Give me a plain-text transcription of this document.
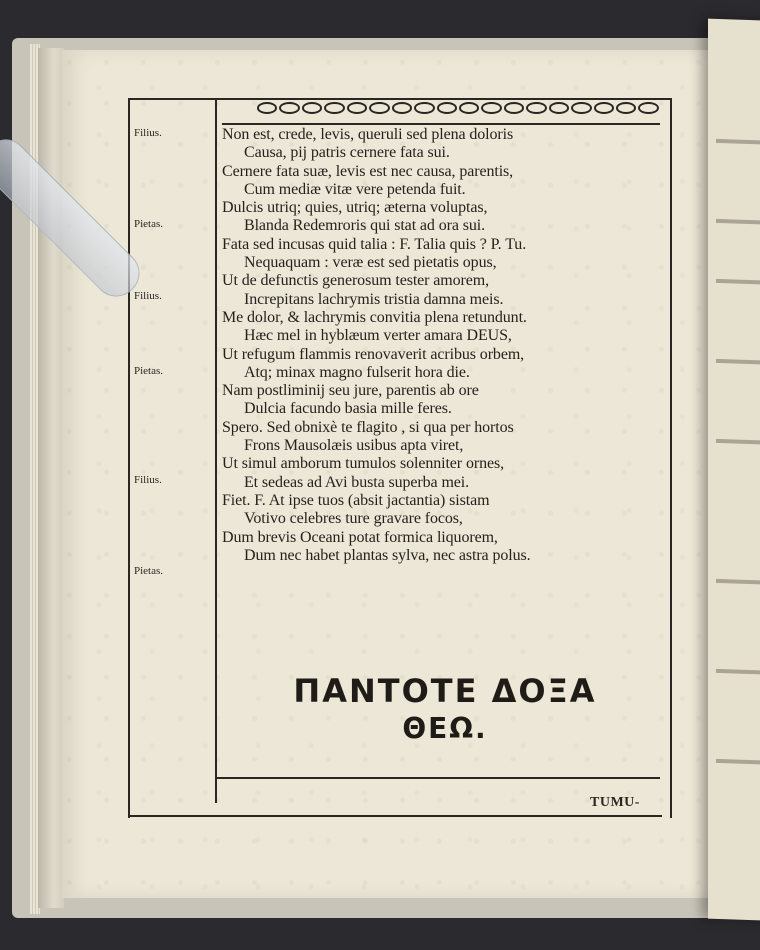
Filius.
Pietas.
Filius.
Pietas.
Filius.
Pietas.
Non est, crede, levis, queruli sed plena doloris
Causa, pij patris cernere fata sui.
Cernere fata suæ, levis est nec causa, parentis,
Cum mediæ vitæ vere petenda fuit.
Dulcis utriq; quies, utriq; æterna voluptas,
Blanda Redemroris qui stat ad ora sui.
Fata sed incusas quid talia : F. Talia quis ? P. Tu.
Nequaquam : veræ est sed pietatis opus,
Ut de defunctis generosum tester amorem,
Increpitans lachrymis tristia damna meis.
Me dolor, & lachrymis convitia plena retundunt.
Hæc mel in hyblæum verter amara DEUS,
Ut refugum flammis renovaverit acribus orbem,
Atq; minax magno fulserit hora die.
Nam postliminij seu jure, parentis ab ore
Dulcia facundo basia mille feres.
Spero. Sed obnixè te flagito , si qua per hortos
Frons Mausolæis usibus apta viret,
Ut simul amborum tumulos solenniter ornes,
Et sedeas ad Avi busta superba mei.
Fiet. F. At ipse tuos (absit jactantia) sistam
Votivo celebres ture gravare focos,
Dum brevis Oceani potat formica liquorem,
Dum nec habet plantas sylva, nec astra polus.
ΠΑΝΤΟΤΕ ΔΟΞΑ
ΘΕΩ.
TUMU-
